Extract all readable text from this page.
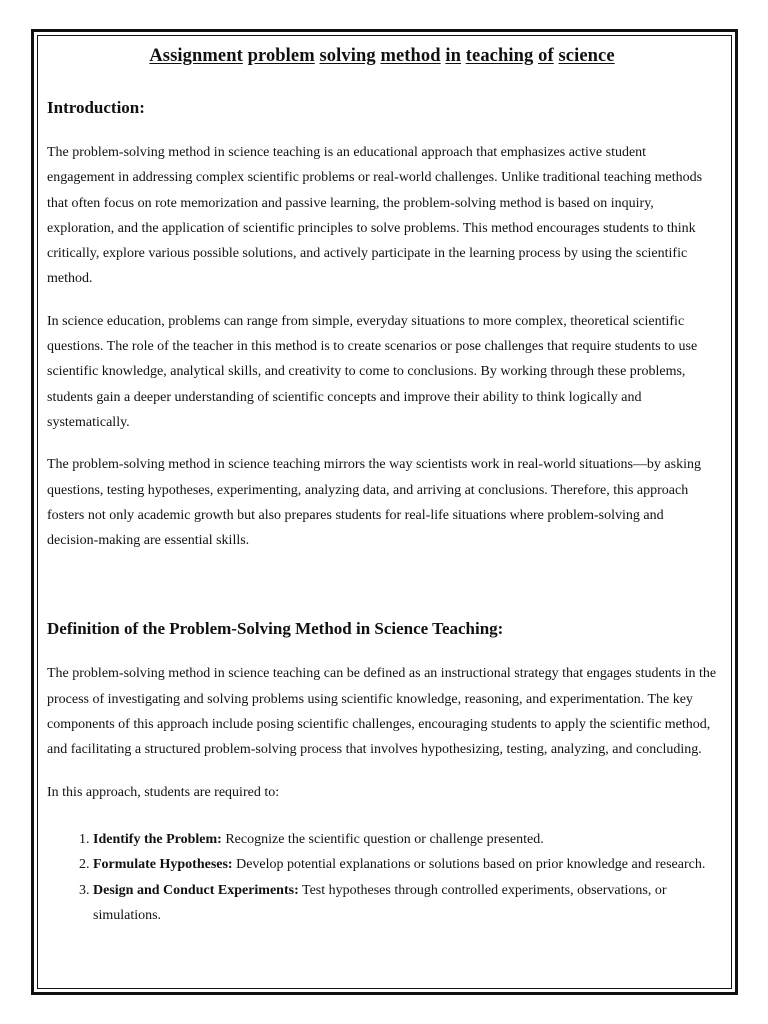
Assignment problem solving method in teaching of science
Introduction:

The problem-solving method in science teaching is an educational approach that emphasizes active student engagement in addressing complex scientific problems or real-world challenges. Unlike traditional teaching methods that often focus on rote memorization and passive learning, the problem-solving method is based on inquiry, exploration, and the application of scientific principles to solve problems. This method encourages students to think critically, explore various possible solutions, and actively participate in the learning process by using the scientific method.

In science education, problems can range from simple, everyday situations to more complex, theoretical scientific questions. The role of the teacher in this method is to create scenarios or pose challenges that require students to use scientific knowledge, analytical skills, and creativity to come to conclusions. By working through these problems, students gain a deeper understanding of scientific concepts and improve their ability to think logically and systematically.

The problem-solving method in science teaching mirrors the way scientists work in real-world situations—by asking questions, testing hypotheses, experimenting, analyzing data, and arriving at conclusions. Therefore, this approach fosters not only academic growth but also prepares students for real-life situations where problem-solving and decision-making are essential skills.

Definition of the Problem-Solving Method in Science Teaching:

The problem-solving method in science teaching can be defined as an instructional strategy that engages students in the process of investigating and solving problems using scientific knowledge, reasoning, and experimentation. The key components of this approach include posing scientific challenges, encouraging students to apply the scientific method, and facilitating a structured problem-solving process that involves hypothesizing, testing, analyzing, and concluding.

In this approach, students are required to:

1. Identify the Problem: Recognize the scientific question or challenge presented.
2. Formulate Hypotheses: Develop potential explanations or solutions based on prior knowledge and research.
3. Design and Conduct Experiments: Test hypotheses through controlled experiments, observations, or simulations.
